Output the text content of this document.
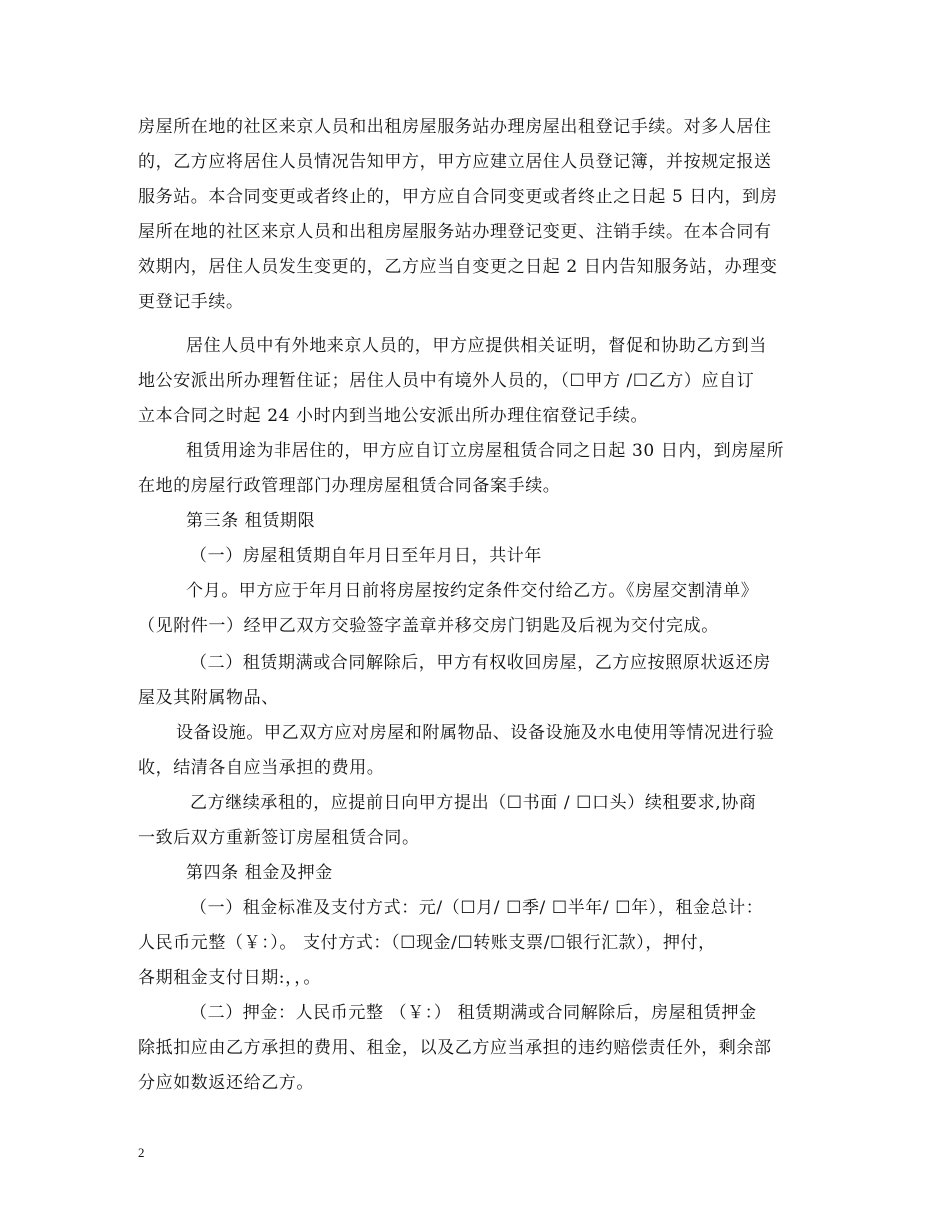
房屋所在地的社区来京人员和出租房屋服务站办理房屋出租登记手续。对多人居住
的，乙方应将居住人员情况告知甲方，甲方应建立居住人员登记簿，并按规定报送
服务站。本合同变更或者终止的，甲方应自合同变更或者终止之日起 5 日内，到房
屋所在地的社区来京人员和出租房屋服务站办理登记变更、注销手续。在本合同有
效期内，居住人员发生变更的，乙方应当自变更之日起 2 日内告知服务站，办理变
更登记手续。
居住人员中有外地来京人员的，甲方应提供相关证明，督促和协助乙方到当
地公安派出所办理暂住证；居住人员中有境外人员的，（☐甲方 /☐乙方）应自订
立本合同之时起 24 小时内到当地公安派出所办理住宿登记手续。
租赁用途为非居住的，甲方应自订立房屋租赁合同之日起 30 日内，到房屋所
在地的房屋行政管理部门办理房屋租赁合同备案手续。
第三条 租赁期限
（一）房屋租赁期自年月日至年月日，共计年
个月。甲方应于年月日前将房屋按约定条件交付给乙方。《房屋交割清单》
（见附件一）经甲乙双方交验签字盖章并移交房门钥匙及后视为交付完成。
（二）租赁期满或合同解除后，甲方有权收回房屋，乙方应按照原状返还房
屋及其附属物品、
设备设施。甲乙双方应对房屋和附属物品、设备设施及水电使用等情况进行验
收，结清各自应当承担的费用。
乙方继续承租的，应提前日向甲方提出（☐书面 / ☐口头）续租要求,协商
一致后双方重新签订房屋租赁合同。
第四条 租金及押金
（一）租金标准及支付方式：元/（☐月/ ☐季/ ☐半年/ ☐年），租金总计：
人民币元整（￥：）。 支付方式：（☐现金/☐转账支票/☐银行汇款），押付，
各期租金支付日期:，，。
（二）押金：人民币元整 （￥：） 租赁期满或合同解除后，房屋租赁押金
除抵扣应由乙方承担的费用、租金，以及乙方应当承担的违约赔偿责任外，剩余部
分应如数返还给乙方。
2
